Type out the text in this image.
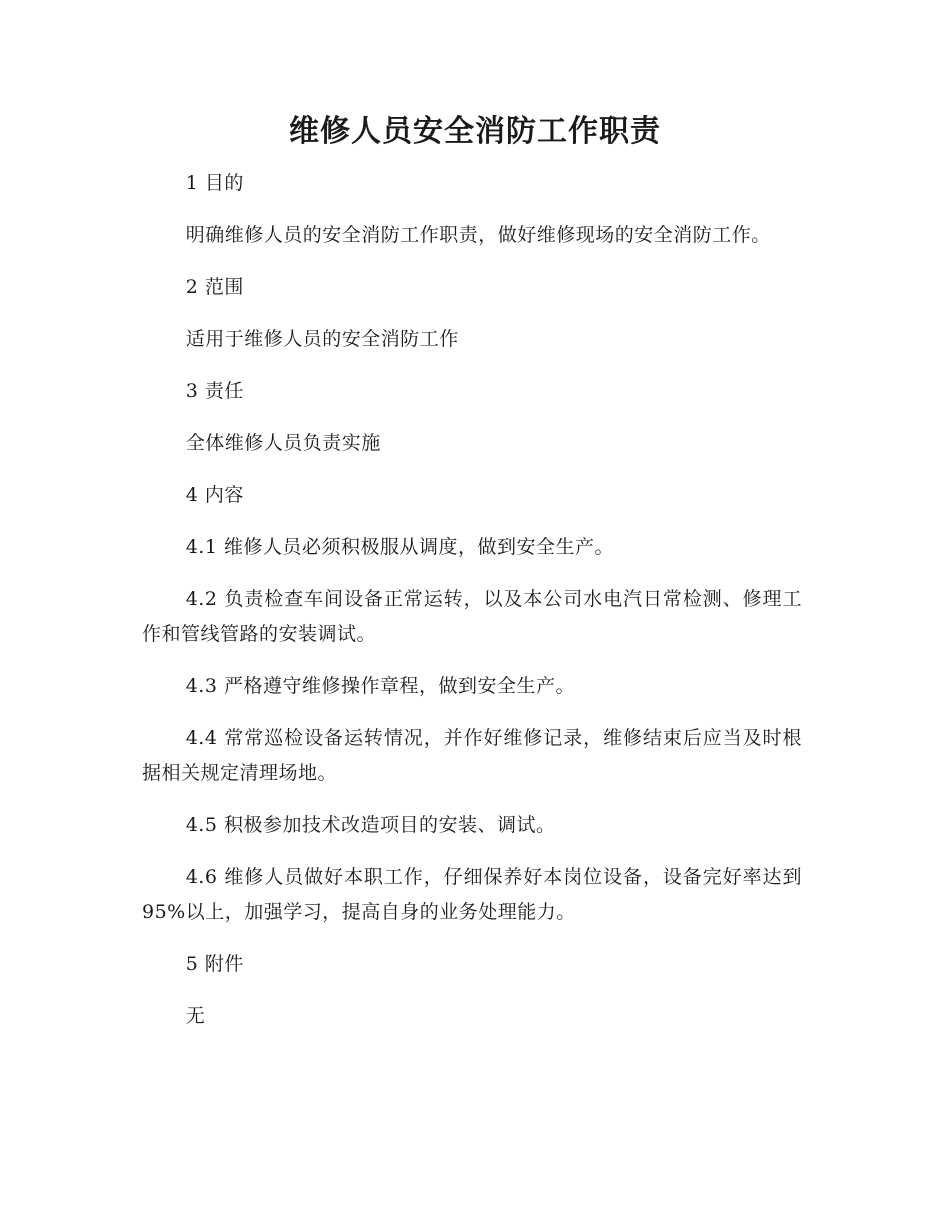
维修人员安全消防工作职责

1 目的

明确维修人员的安全消防工作职责，做好维修现场的安全消防工作。

2 范围

适用于维修人员的安全消防工作

3 责任

全体维修人员负责实施

4 内容

4.1 维修人员必须积极服从调度，做到安全生产。

4.2 负责检查车间设备正常运转，以及本公司水电汽日常检测、修理工作和管线管路的安装调试。

4.3 严格遵守维修操作章程，做到安全生产。

4.4 常常巡检设备运转情况，并作好维修记录，维修结束后应当及时根据相关规定清理场地。

4.5 积极参加技术改造项目的安装、调试。

4.6 维修人员做好本职工作，仔细保养好本岗位设备，设备完好率达到95%以上，加强学习，提高自身的业务处理能力。

5 附件

无
